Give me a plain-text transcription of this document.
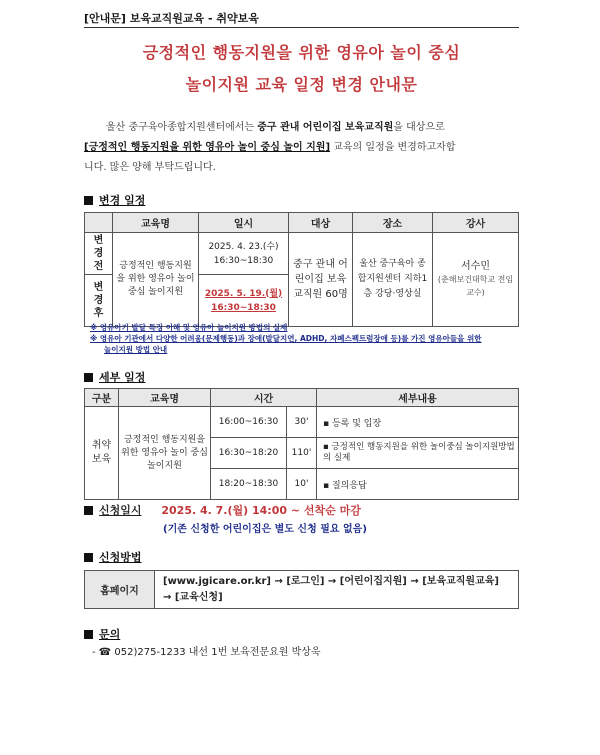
[안내문] 보육교직원교육 - 취약보육
긍정적인 행동지원을 위한 영유아 놀이 중심
놀이지원 교육 일정 변경 안내문
울산 중구육아종합지원센터에서는 중구 관내 어린이집 보육교직원을 대상으로
[긍정적인 행동지원을 위한 영유아 놀이 중심 놀이 지원] 교육의 일정을 변경하고자합
니다. 많은 양해 부탁드립니다.
변경 일정
	교육명	일시	대상	장소	강사
변경전	긍정적인 행동지원을 위한 영유아 놀이 중심 놀이지원	2025. 4. 23.(수) 16:30~18:30	중구 관내 어린이집 보육교직원 60명	울산 중구육아 종합지원센터 지하1층 강당·영상실	서수민
(춘해보건대학교 전임교수)

변경후		2025. 5. 19.(월)
16:30~18:30			
※ 영유아기 발달 특징 이해 및 영유아 놀이지원 방법의 실제
※ 영유아 기관에서 다양한 어려움(문제행동)과 장애(발달지연, ADHD, 자폐스펙트럼장애 등)를 가진 영유아들을 위한
놀이지원 방법 안내
세부 일정
구분	교육명	시간		세부내용
취약보육	긍정적인 행동지원을 위한 영유아 놀이 중심 놀이지원	16:00~16:30	30'	▪ 등록 및 입장
		16:30~18:20	110'	▪ 긍정적인 행동지원을 위한 놀이중심 놀이지원방법의 실제
		18:20~18:30	10'	▪ 질의응답
신청일시 2025. 4. 7.(월) 14:00 ~ 선착순 마감
(기존 신청한 어린이집은 별도 신청 필요 없음)
신청방법
홈페이지	
[www.jgicare.or.kr] → [로그인] → [어린이집지원] → [보육교직원교육]
→ [교육신청]
문의
- ☎ 052)275-1233 내선 1번 보육전문요원 박상욱
